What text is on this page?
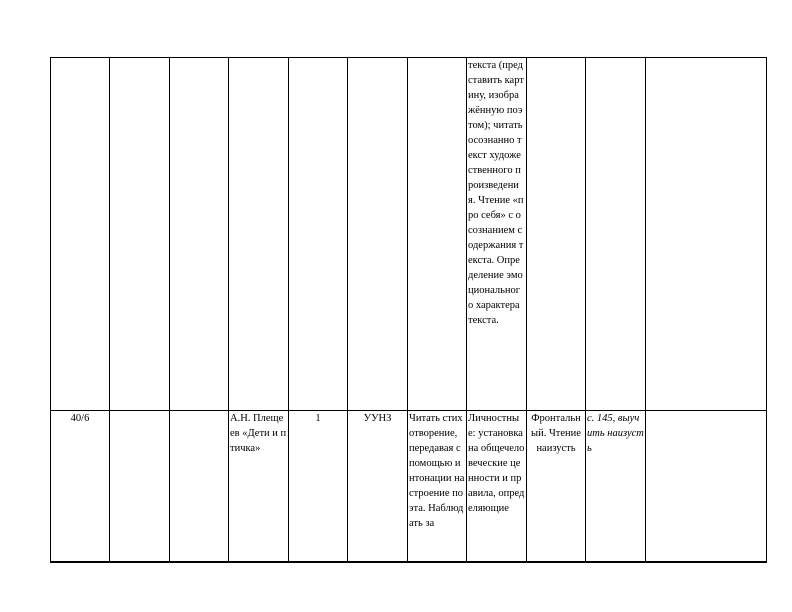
							текста (представить картину, изображённую поэтом); читать осознанно текст художественного произведения. Чтение «про себя» с осознанием содержания текста. Определение эмоционального характера текста.			

40/6			А.Н. Плещеев «Дети и птичка»	1	УУНЗ	Читать стихотворение, передавая с помощью интонации настроение поэта. Наблюдать за	Личностные: установка на общечеловеческие ценности и правила, определяющие	Фронтальный. Чтение наизусть	с. 145, выучить наизусть	
